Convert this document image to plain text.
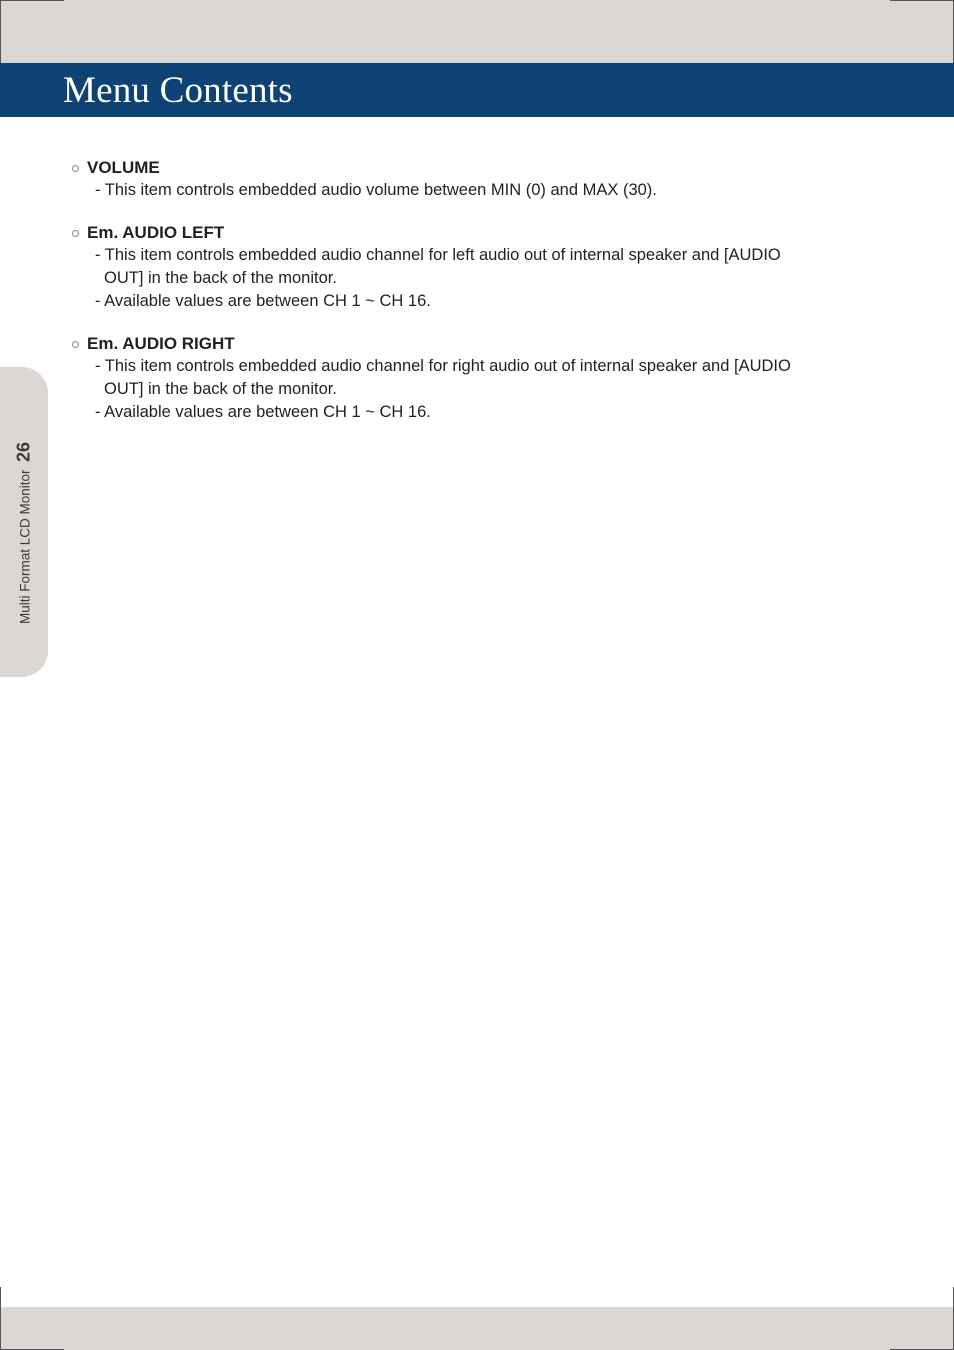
Menu Contents
Multi Format LCD Monitor 26
VOLUME
- This item controls embedded audio volume between MIN (0) and MAX (30).
Em. AUDIO LEFT
- This item controls embedded audio channel for left audio out of internal speaker and [AUDIO
OUT] in the back of the monitor.
- Available values are between CH 1 ~ CH 16.
Em. AUDIO RIGHT
- This item controls embedded audio channel for right audio out of internal speaker and [AUDIO
OUT] in the back of the monitor.
- Available values are between CH 1 ~ CH 16.
